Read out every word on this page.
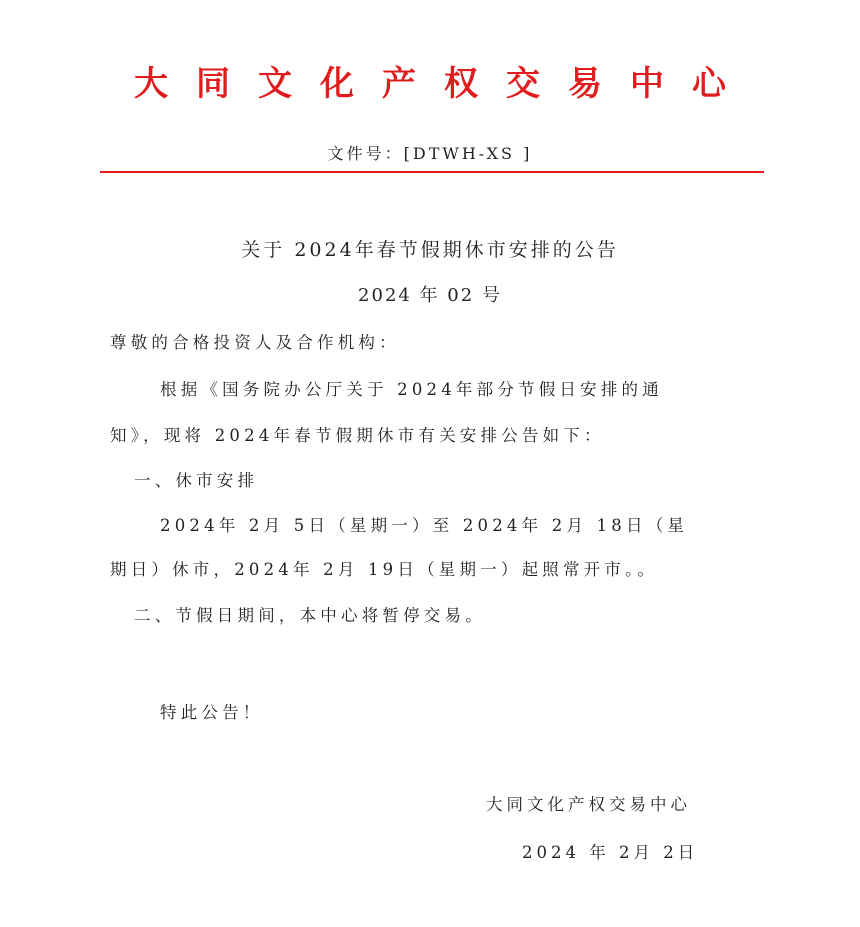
大同文化产权交易中心
文件号：[DTWH-XS ]
关于 2024年春节假期休市安排的公告
2024 年 02 号
尊敬的合格投资人及合作机构：
根据《国务院办公厅关于 2024年部分节假日安排的通
知》，现将 2024年春节假期休市有关安排公告如下：
一、休市安排
2024年 2月 5日（星期一）至 2024年 2月 18日（星
期日）休市，2024年 2月 19日（星期一）起照常开市。。
二、节假日期间，本中心将暂停交易。
特此公告！
大同文化产权交易中心
2024 年 2月 2日
